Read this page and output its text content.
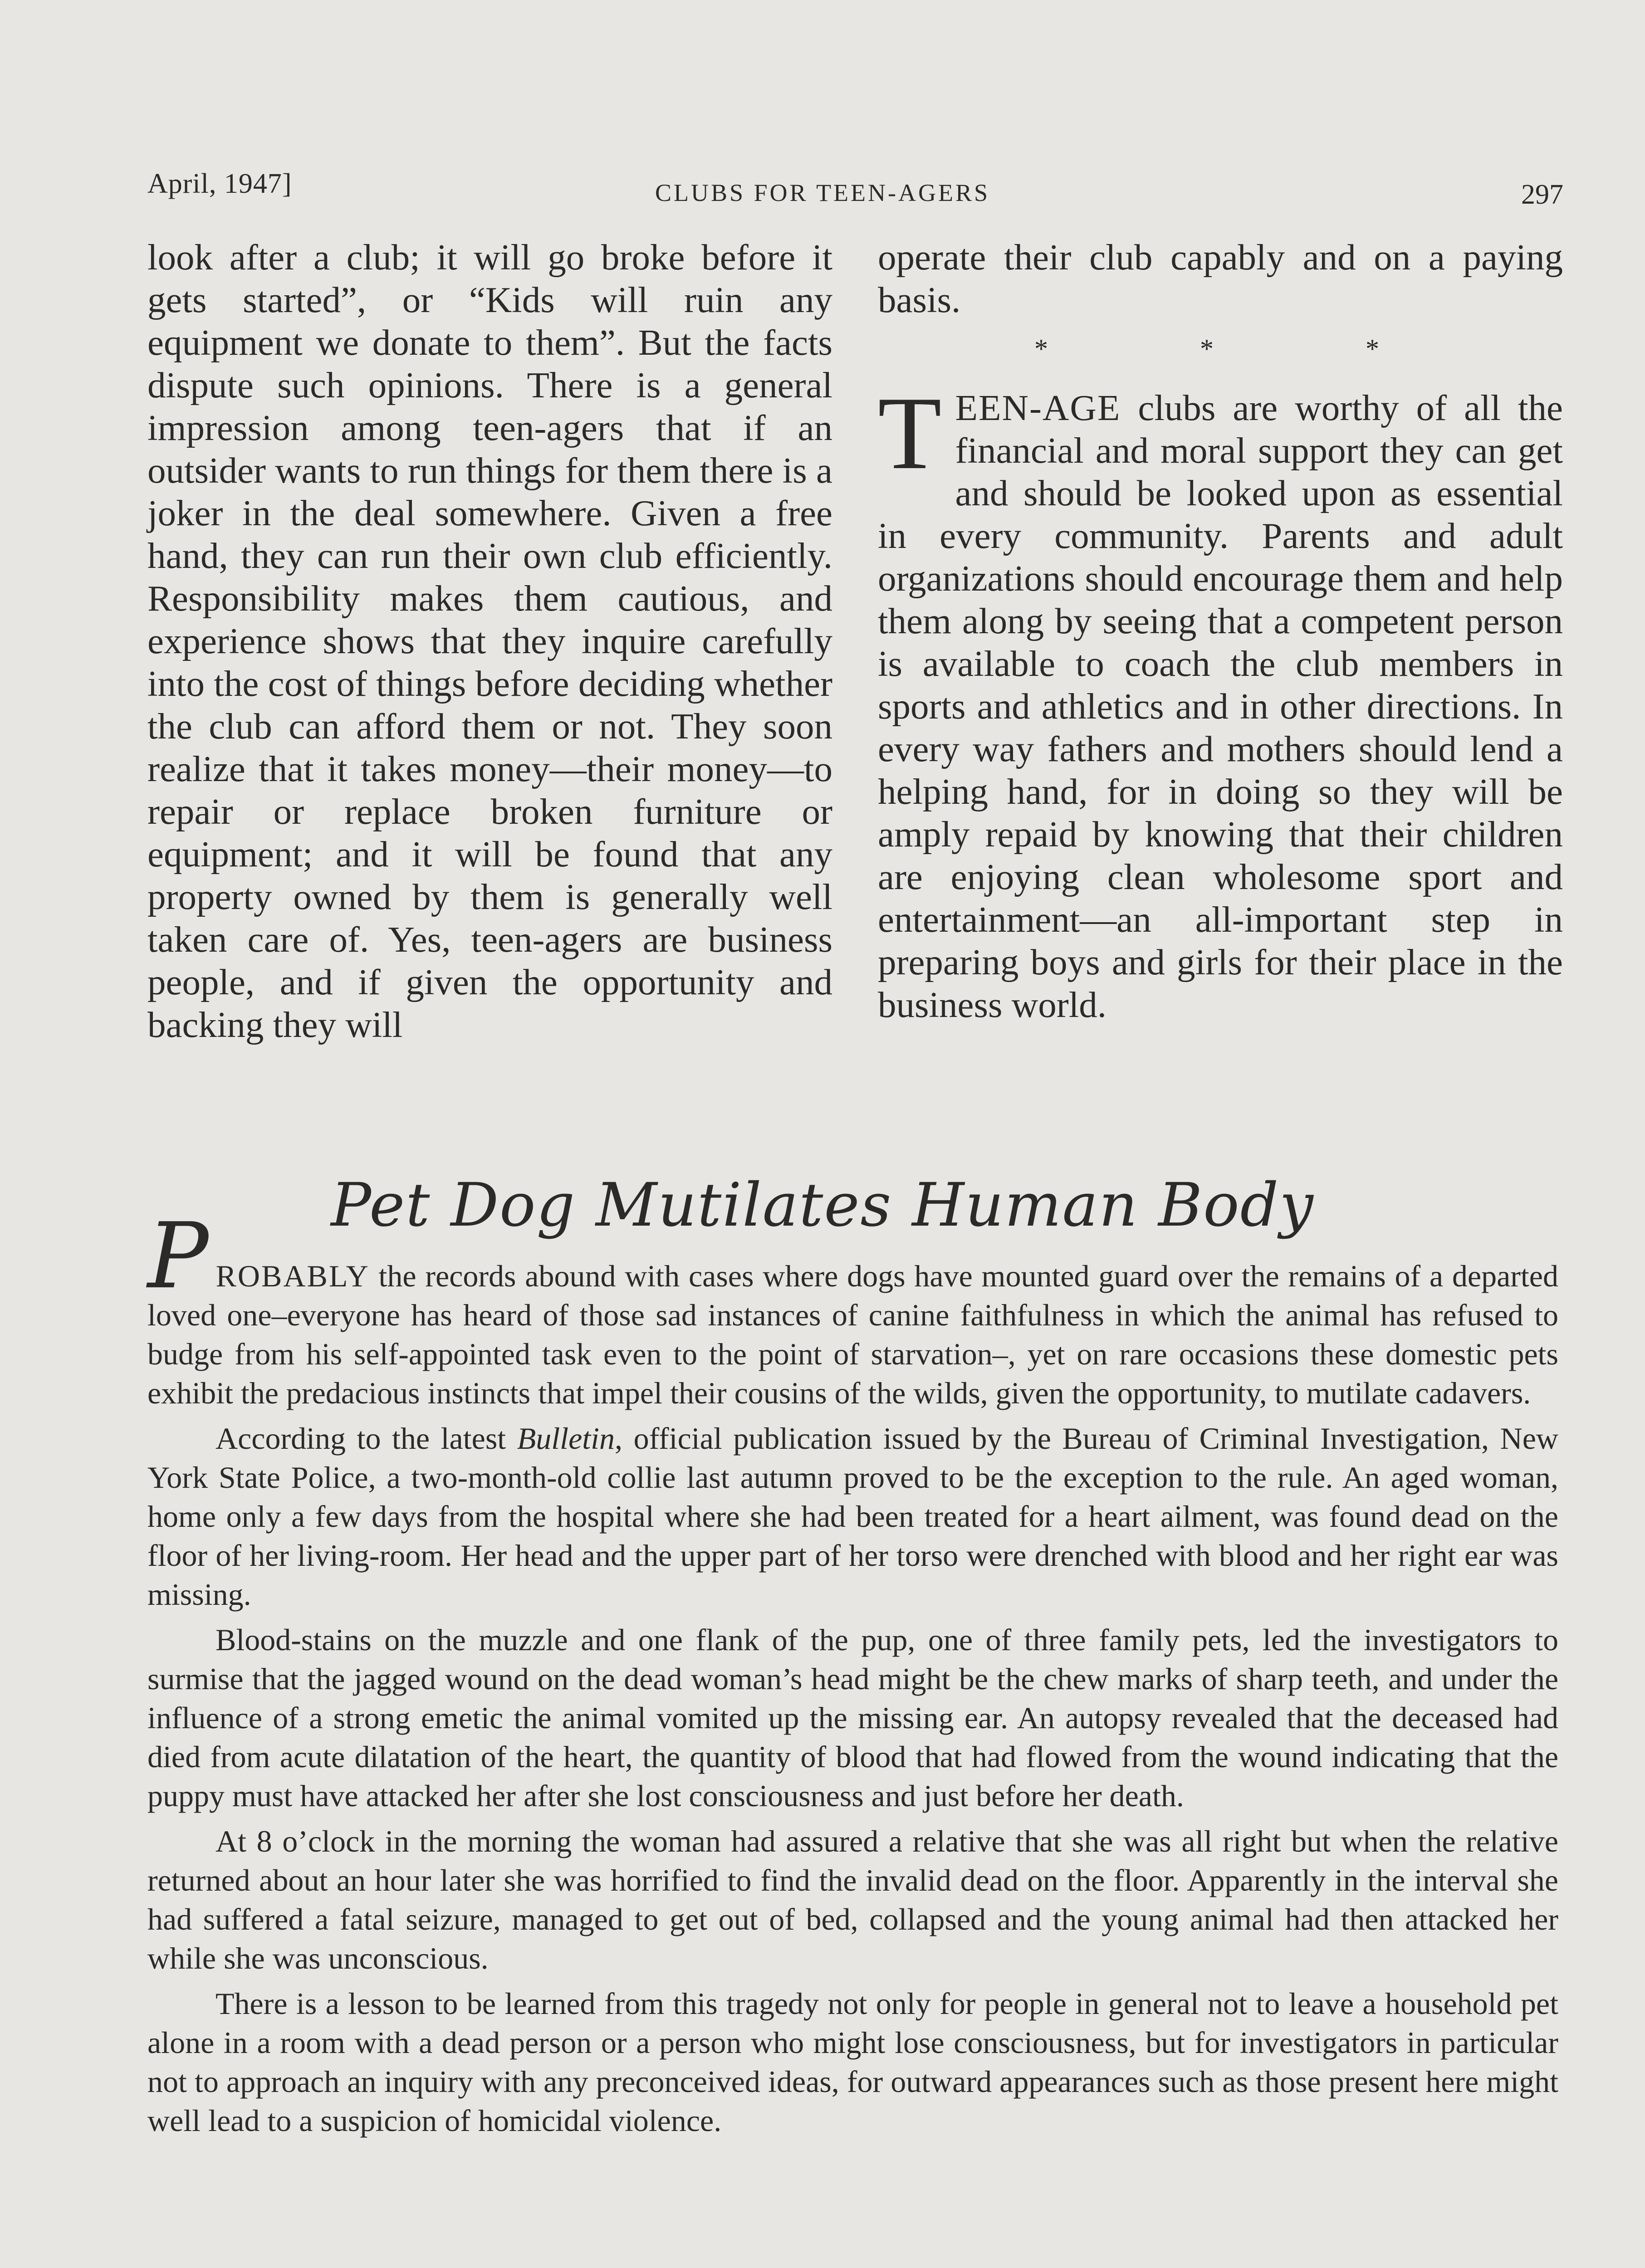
April, 1947]	CLUBS FOR TEEN-AGERS	297

look after a club; it will go broke before it gets started”, or “Kids will ruin any equipment we donate to them”. But the facts dispute such opinions. There is a general impression among teen-agers that if an outsider wants to run things for them there is a joker in the deal somewhere. Given a free hand, they can run their own club efficiently. Responsibility makes them cautious, and experience shows that they inquire carefully into the cost of things before deciding whether the club can afford them or not. They soon realize that it takes money—their money—to repair or replace broken furniture or equipment; and it will be found that any property owned by them is generally well taken care of. Yes, teen-agers are business people, and if given the opportunity and backing they will

operate their club capably and on a paying basis.

* * *

TEEN-AGE clubs are worthy of all the financial and moral support they can get and should be looked upon as essential in every community. Parents and adult organizations should encourage them and help them along by seeing that a competent person is available to coach the club members in sports and athletics and in other directions. In every way fathers and mothers should lend a helping hand, for in doing so they will be amply repaid by knowing that their children are enjoying clean wholesome sport and entertainment—an all-important step in preparing boys and girls for their place in the business world.

Pet Dog Mutilates Human Body

PROBABLY the records abound with cases where dogs have mounted guard over the remains of a departed loved one–everyone has heard of those sad instances of canine faithfulness in which the animal has refused to budge from his self-appointed task even to the point of starvation–, yet on rare occasions these domestic pets exhibit the predacious instincts that impel their cousins of the wilds, given the opportunity, to mutilate cadavers.

According to the latest Bulletin, official publication issued by the Bureau of Criminal Investigation, New York State Police, a two-month-old collie last autumn proved to be the exception to the rule. An aged woman, home only a few days from the hospital where she had been treated for a heart ailment, was found dead on the floor of her living-room. Her head and the upper part of her torso were drenched with blood and her right ear was missing.

Blood-stains on the muzzle and one flank of the pup, one of three family pets, led the investigators to surmise that the jagged wound on the dead woman’s head might be the chew marks of sharp teeth, and under the influence of a strong emetic the animal vomited up the missing ear. An autopsy revealed that the deceased had died from acute dilatation of the heart, the quantity of blood that had flowed from the wound indicating that the puppy must have attacked her after she lost consciousness and just before her death.

At 8 o’clock in the morning the woman had assured a relative that she was all right but when the relative returned about an hour later she was horrified to find the invalid dead on the floor. Apparently in the interval she had suffered a fatal seizure, managed to get out of bed, collapsed and the young animal had then attacked her while she was unconscious.

There is a lesson to be learned from this tragedy not only for people in general not to leave a household pet alone in a room with a dead person or a person who might lose consciousness, but for investigators in particular not to approach an inquiry with any preconceived ideas, for outward appearances such as those present here might well lead to a suspicion of homicidal violence.
